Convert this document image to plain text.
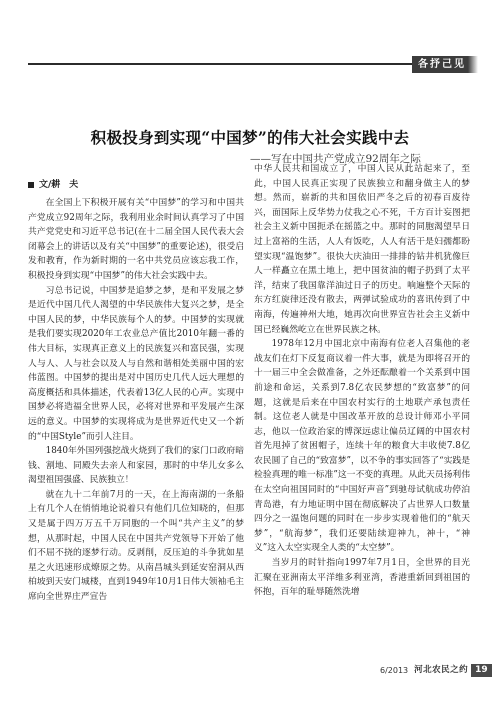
各抒己见
积极投身到实现“中国梦”的伟大社会实践中去
——写在中国共产党成立92周年之际
文/耕　夫

在全国上下积极开展有关“中国梦”的学习和中国共产党成立92周年之际，我利用业余时间认真学习了中国共产党党史和习近平总书记(在十二届全国人民代表大会闭幕会上的讲话以及有关“中国梦”的重要论述)，很受启发和教育，作为新时期的一名中共党员应该忘我工作，积极投身到实现“中国梦”的伟大社会实践中去。

习总书记说，中国梦是追梦之梦，是和平发展之梦是近代中国几代人渴望的中华民族伟大复兴之梦，是全中国人民的梦，中华民族每个人的梦。中国梦的实现就是我们要实现2020年工农业总产值比2010年翻一番的伟大目标，实现真正意义上的民族复兴和富民强，实现人与人、人与社会以及人与自然和谐相处美丽中国的宏伟蓝图。中国梦的提出是对中国历史几代人远大理想的高度概括和具体描述，代表着13亿人民的心声。实现中国梦必将造福全世界人民，必将对世界和平发展产生深远的意义。中国梦的实现将成为是世界近代史又一个新的“中国Style”而引人注目。

1840年外国列强挖战火烧到了我们的家门口政府暗钱、割地、同殿失去亲人和家园，那时的中华儿女多么渴望祖国强盛、民族独立！

就在九十二年前7月的一天，在上海南湖的一条船上有几个人在悄悄地论说着只有他们几位知晓的，但那又是属于四万万五千万同胞的一个叫“共产主义”的梦想，从那时起，中国人民在中国共产党领导下开始了他们不屈不挠的逐梦行动。反剥削，反压迫的斗争犹如星星之火迅速形成燎原之势。从南昌城头到延安窑洞从西柏坡到天安门城楼，直到1949年10月1日伟大领袖毛主席向全世界庄严宣告

中华人民共和国成立了，中国人民从此站起来了，至此，中国人民真正实现了民族独立和翻身做主人的梦想。然而，崭新的共和国依旧严冬之后的初春百废待兴，面国际上反华势力仗我之心不死，千方百计妄图把社会主义新中国扼杀在摇篮之中。那时的同胞渴望早日过上富裕的生活，人人有饭吃，人人有活干是妇孺都盼望实现“温饱梦”。很快大庆油田一排排的钻井机犹像巨人一样矗立在黑土地上，把中国贫油的帽子扔到了太平洋，结束了我国靠洋油过日子的历史。响遍整个天际的东方红旋律还没有散去，两弹试验成功的喜讯传到了中南海，传遍神州大地，她再次向世界宣告社会主义新中国已经巍然屹立在世界民族之林。

1978年12月中国北京中南海有位老人召集他的老战友们在灯下反复商议着一件大事，就是为即将召开的十一届三中全会做准备，之外还酝酿着一个关系到中国前途和命运，关系到7.8亿农民梦想的“致富梦”的问题，这就是后来在中国农村实行的土地联产承包责任制。这位老人就是中国改革开放的总设计师邓小平同志，他以一位政治家的博深远虑让偏员辽阔的中国农村首先甩掉了贫困帽子，连续十年的粮食大丰收使7.8亿农民圆了自己的“致富梦”，以不争的事实回答了“实践是检验真理的唯一标准”这一不变的真理。从此天员扬利伟在太空向祖国同时的“中国好声音”到驰母试航成功停泊青岛港，有力地证明中国在彻底解决了占世界人口数量四分之一温饱问题的同时在一步步实现着他们的“航天梦”，“航海梦”，我们还要陆续迎神九，神十，“神义”这入太空实现全人类的“太空梦”。

当岁月的时针指向1997年7月1日，全世界的目光汇聚在亚洲南太平洋维多利亚湾，香港重新回到祖国的怀抱，百年的耻辱随然洗增

6/2013 河北农民之约 19
